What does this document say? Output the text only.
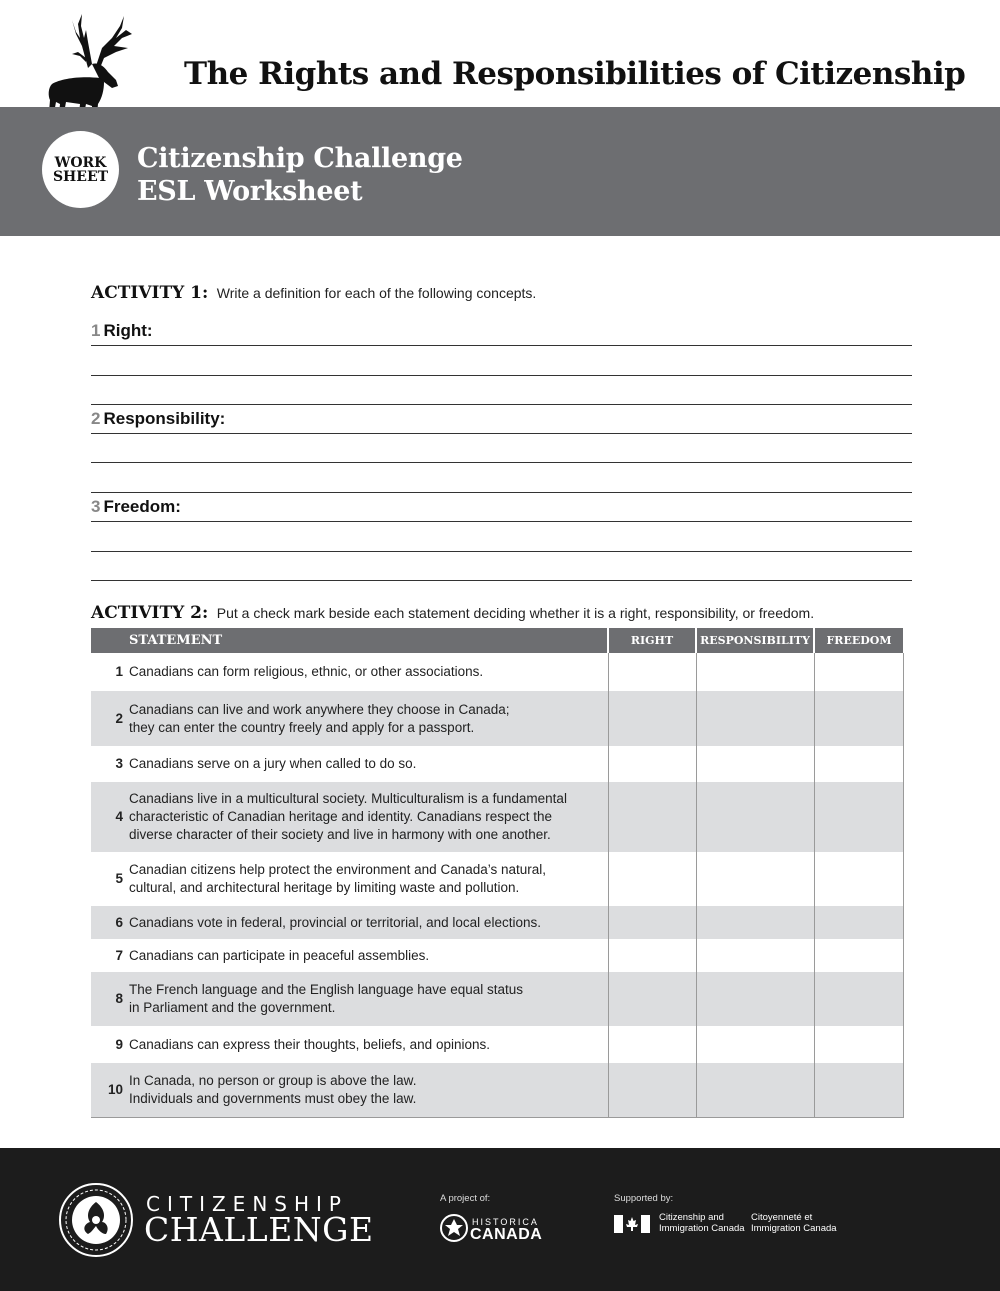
The Rights and Responsibilities of Citizenship
WORK
SHEET
Citizenship Challenge
ESL Worksheet
ACTIVITY 1: Write a definition for each of the following concepts.
1 Right:
2 Responsibility:
3 Freedom:
ACTIVITY 2: Put a check mark beside each statement deciding whether it is a right, responsibility, or freedom.
STATEMENT		RIGHT	RESPONSIBILITY	FREEDOM
1	Canadians can form religious, ethnic, or other associations.			

2	Canadians can live and work anywhere they choose in Canada;
they can enter the country freely and apply for a passport.			

3	Canadians serve on a jury when called to do so.			

4	Canadians live in a multicultural society. Multiculturalism is a fundamental
characteristic of Canadian heritage and identity. Canadians respect the
diverse character of their society and live in harmony with one another.			

5	Canadian citizens help protect the environment and Canada’s natural,
cultural, and architectural heritage by limiting waste and pollution.			

6	Canadians vote in federal, provincial or territorial, and local elections.			

7	Canadians can participate in peaceful assemblies.			

8	The French language and the English language have equal status
in Parliament and the government.			

9	Canadians can express their thoughts, beliefs, and opinions.			

10	In Canada, no person or group is above the law.
Individuals and governments must obey the law.			

CITIZENSHIP
CHALLENGE
A project of:
HISTORICA
CANADA
Supported by:
Citizenship and
Immigration Canada
Citoyenneté et
Immigration Canada
